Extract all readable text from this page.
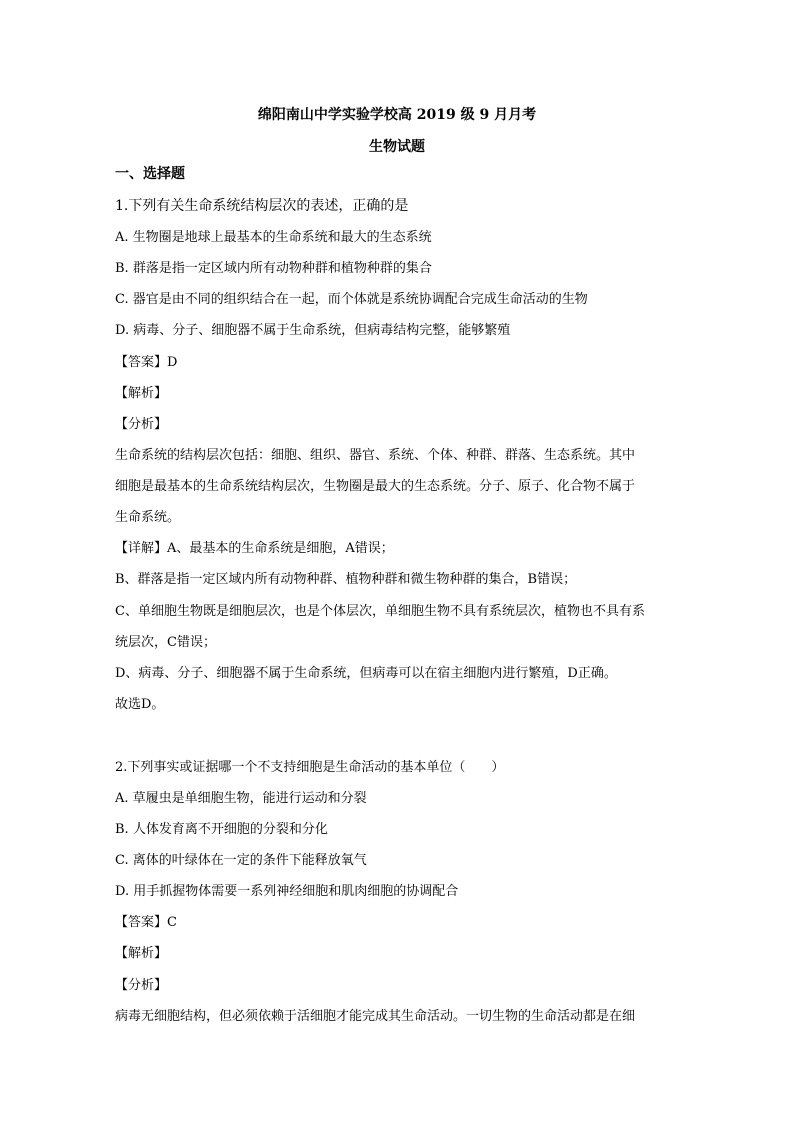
绵阳南山中学实验学校高 2019 级 9 月月考
生物试题
一、选择题
1.下列有关生命系统结构层次的表述，正确的是
A. 生物圈是地球上最基本的生命系统和最大的生态系统
B. 群落是指一定区域内所有动物种群和植物种群的集合
C. 器官是由不同的组织结合在一起，而个体就是系统协调配合完成生命活动的生物
D. 病毒、分子、细胞器不属于生命系统，但病毒结构完整，能够繁殖
【答案】D
【解析】
【分析】
生命系统的结构层次包括：细胞、组织、器官、系统、个体、种群、群落、生态系统。其中
细胞是最基本的生命系统结构层次，生物圈是最大的生态系统。分子、原子、化合物不属于
生命系统。
【详解】A、最基本的生命系统是细胞，A错误；
B、群落是指一定区域内所有动物种群、植物种群和微生物种群的集合，B错误；
C、单细胞生物既是细胞层次，也是个体层次，单细胞生物不具有系统层次，植物也不具有系
统层次，C错误；
D、病毒、分子、细胞器不属于生命系统，但病毒可以在宿主细胞内进行繁殖，D正确。
故选D。
2.下列事实或证据哪一个不支持细胞是生命活动的基本单位（　　）
A. 草履虫是单细胞生物，能进行运动和分裂
B. 人体发育离不开细胞的分裂和分化
C. 离体的叶绿体在一定的条件下能释放氧气
D. 用手抓握物体需要一系列神经细胞和肌肉细胞的协调配合
【答案】C
【解析】
【分析】
病毒无细胞结构，但必须依赖于活细胞才能完成其生命活动。一切生物的生命活动都是在细
